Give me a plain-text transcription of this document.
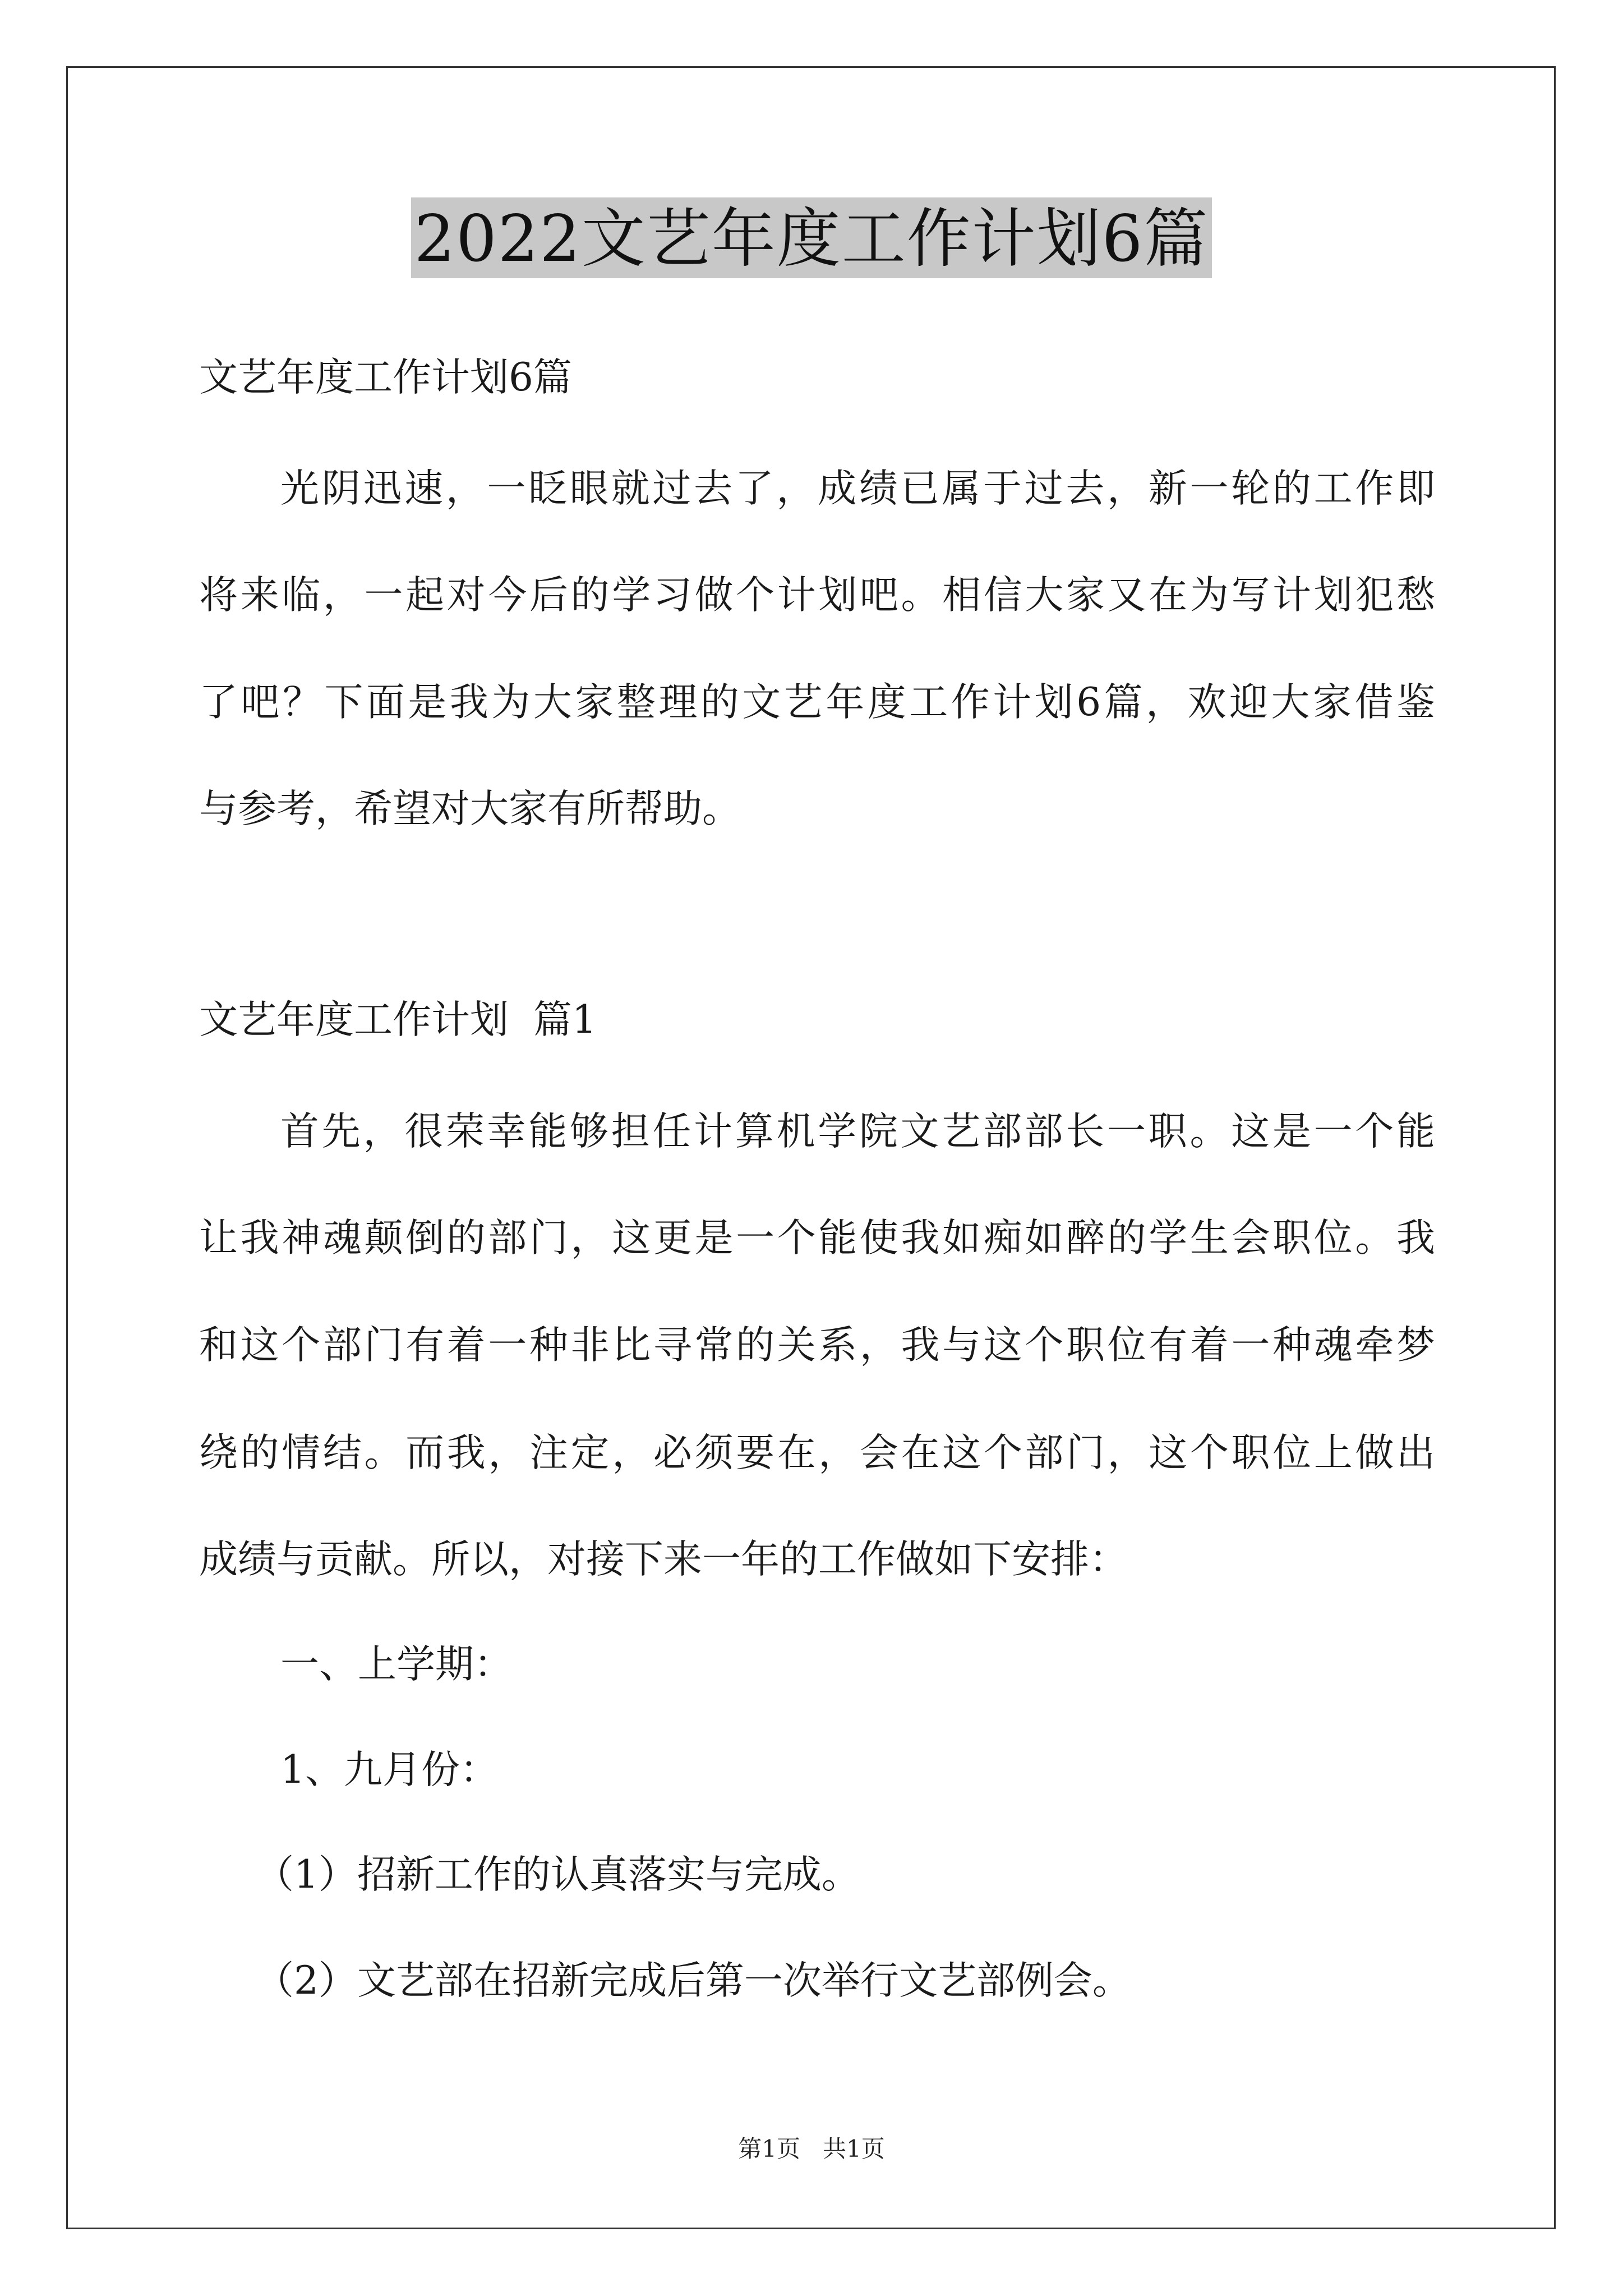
2022文艺年度工作计划6篇
文艺年度工作计划6篇
光阴迅速，一眨眼就过去了，成绩已属于过去，新一轮的工作即
将来临，一起对今后的学习做个计划吧。相信大家又在为写计划犯愁
了吧？下面是我为大家整理的文艺年度工作计划6篇，欢迎大家借鉴
与参考，希望对大家有所帮助。
文艺年度工作计划  篇1
首先，很荣幸能够担任计算机学院文艺部部长一职。这是一个能
让我神魂颠倒的部门，这更是一个能使我如痴如醉的学生会职位。我
和这个部门有着一种非比寻常的关系，我与这个职位有着一种魂牵梦
绕的情结。而我，注定，必须要在，会在这个部门，这个职位上做出
成绩与贡献。所以，对接下来一年的工作做如下安排：
一、上学期：
1、九月份：
（1）招新工作的认真落实与完成。
（2）文艺部在招新完成后第一次举行文艺部例会。
第1页   共1页
